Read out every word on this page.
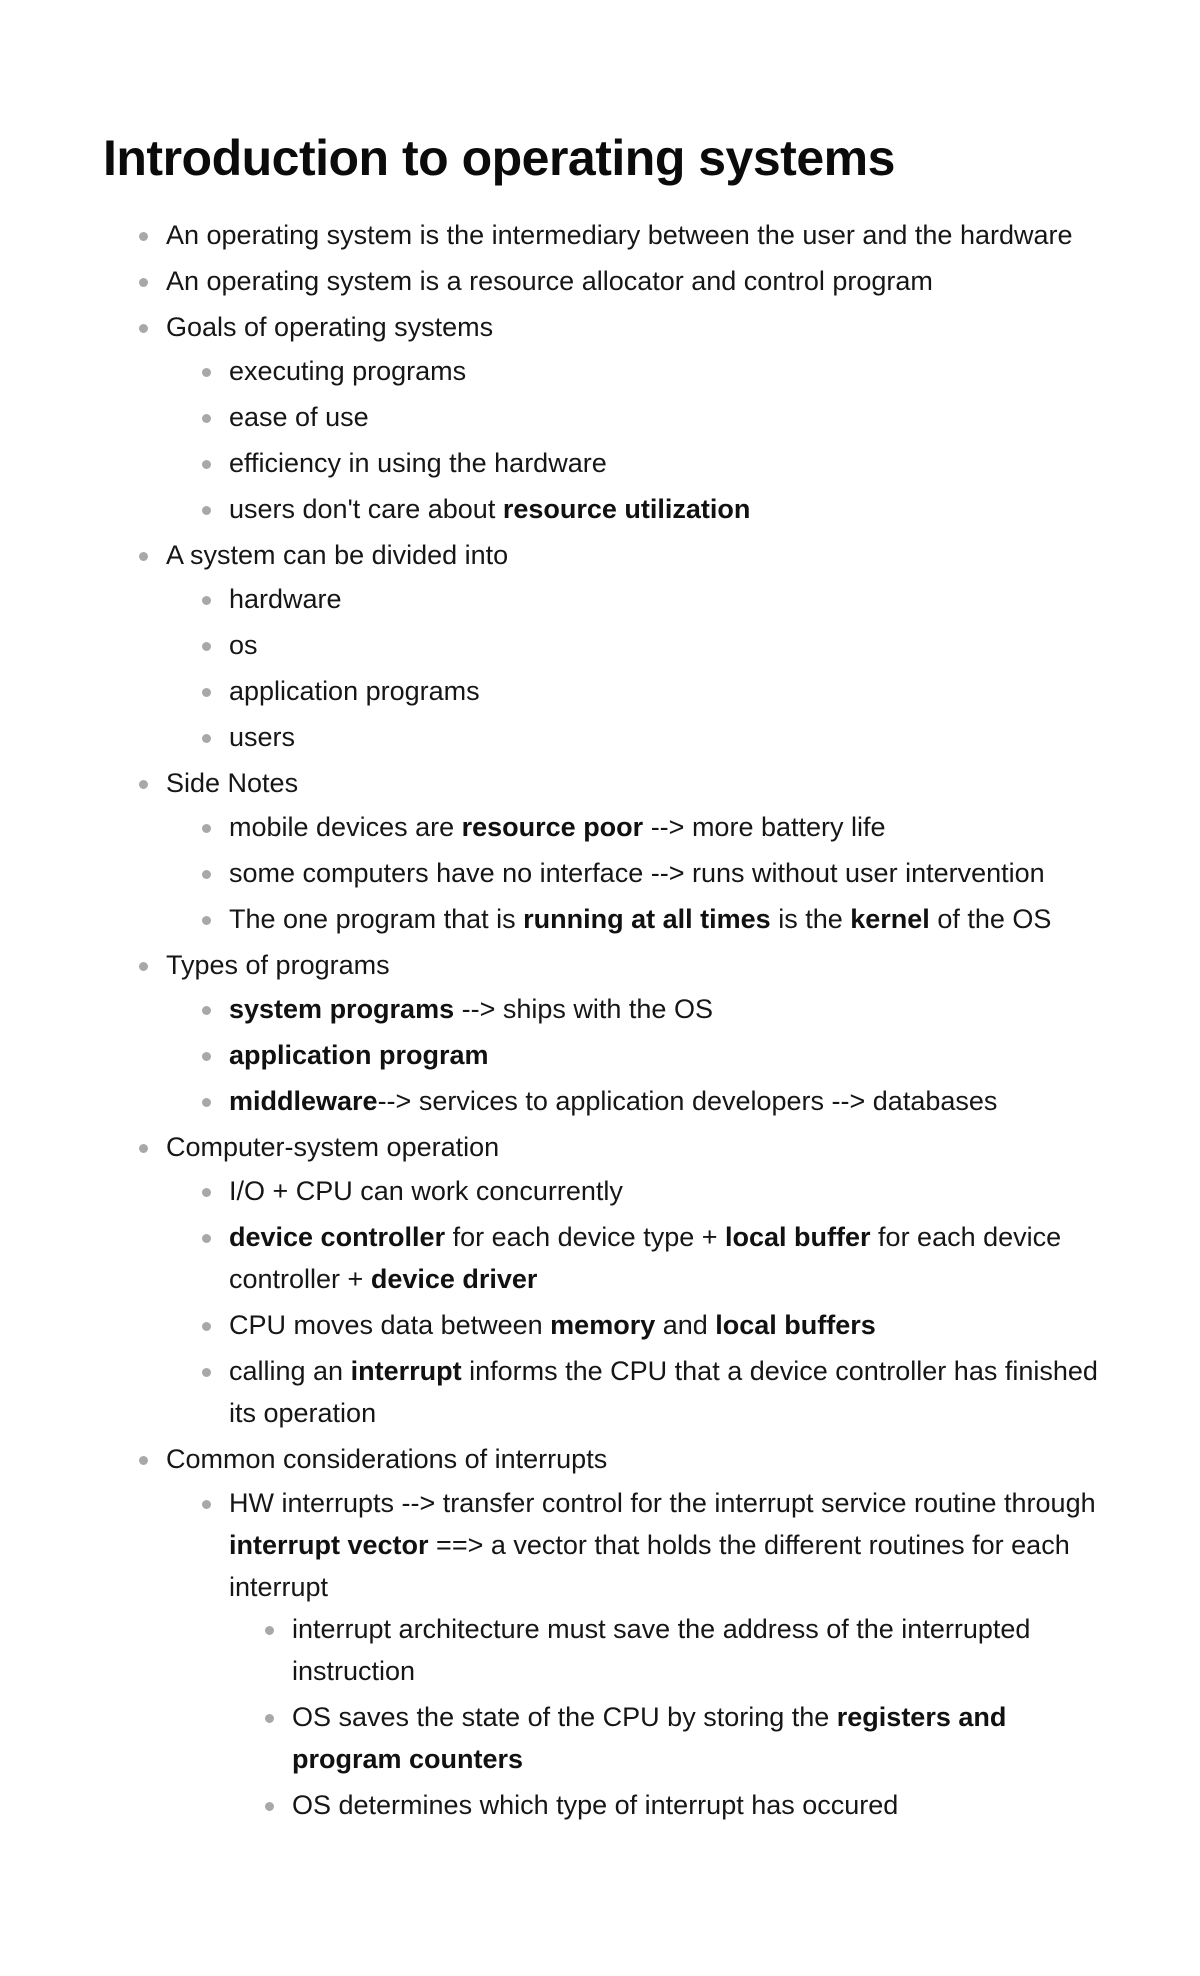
Introduction to operating systems
An operating system is the intermediary between the user and the hardware
An operating system is a resource allocator and control program
Goals of operating systems
executing programs
ease of use
efficiency in using the hardware
users don't care about resource utilization
A system can be divided into
hardware
os
application programs
users
Side Notes
mobile devices are resource poor --> more battery life
some computers have no interface --> runs without user intervention
The one program that is running at all times is the kernel of the OS
Types of programs
system programs --> ships with the OS
application program
middleware--> services to application developers --> databases
Computer-system operation
I/O + CPU can work concurrently
device controller for each device type + local buffer for each device controller + device driver
CPU moves data between memory and local buffers
calling an interrupt informs the CPU that a device controller has finished its operation
Common considerations of interrupts
HW interrupts --> transfer control for the interrupt service routine through interrupt vector ==> a vector that holds the different routines for each interrupt
interrupt architecture must save the address of the interrupted instruction
OS saves the state of the CPU by storing the registers and program counters
OS determines which type of interrupt has occured
